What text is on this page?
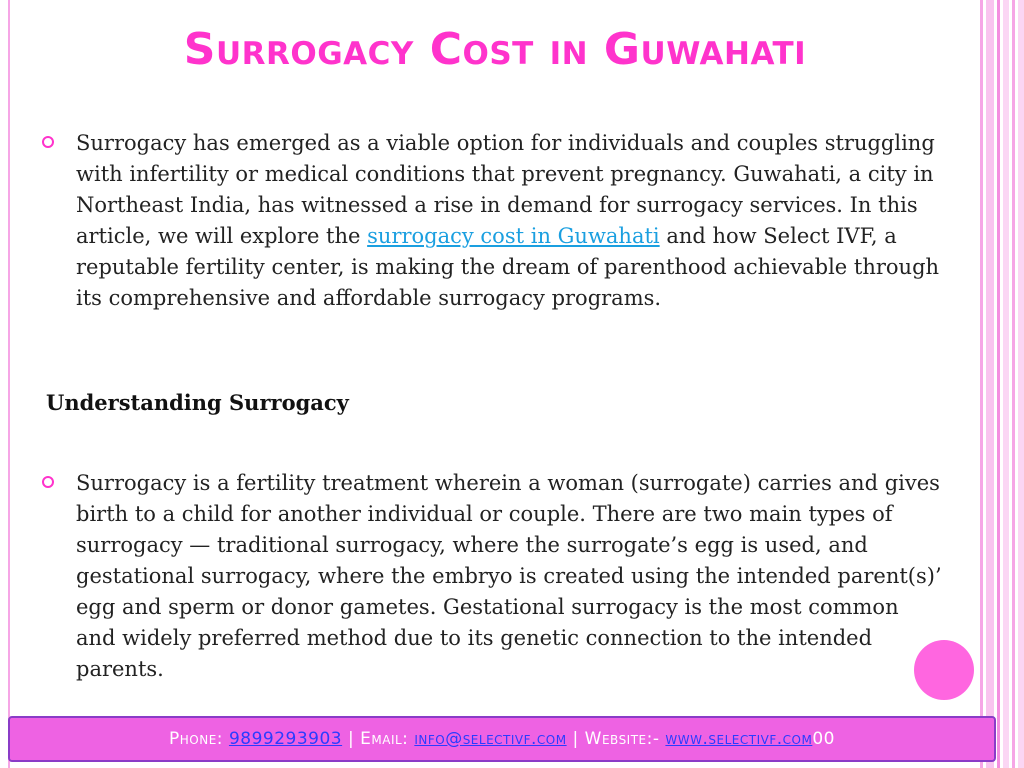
Surrogacy Cost in Guwahati
Surrogacy has emerged as a viable option for individuals and couples struggling with infertility or medical conditions that prevent pregnancy. Guwahati, a city in Northeast India, has witnessed a rise in demand for surrogacy services. In this article, we will explore the surrogacy cost in Guwahati and how Select IVF, a reputable fertility center, is making the dream of parenthood achievable through its comprehensive and affordable surrogacy programs.
Understanding Surrogacy
Surrogacy is a fertility treatment wherein a woman (surrogate) carries and gives birth to a child for another individual or couple. There are two main types of surrogacy — traditional surrogacy, where the surrogate’s egg is used, and gestational surrogacy, where the embryo is created using the intended parent(s)’ egg and sperm or donor gametes. Gestational surrogacy is the most common and widely preferred method due to its genetic connection to the intended parents.
Phone: 9899293903 | Email: info@selectivf.com | Website:- www.selectivf.com00
